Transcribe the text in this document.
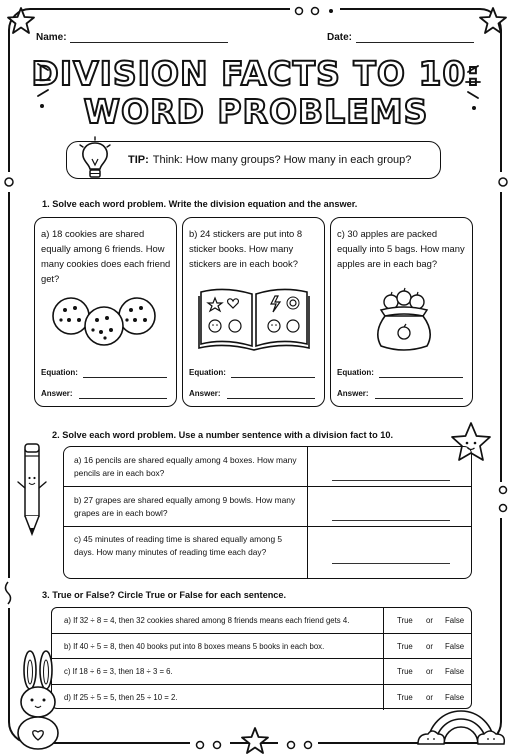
Name:	Date:
DIVISION FACTS TO 10:
WORD PROBLEMS
TIP: Think: How many groups? How many in each group?
1. Solve each word problem. Write the division equation and the answer.
a) 18 cookies are shared equally among 6 friends. How many cookies does each friend get?
Equation:
Answer:
b) 24 stickers are put into 8 sticker books. How many stickers are in each book?
Equation:
Answer:
c) 30 apples are packed equally into 5 bags. How many apples are in each bag?
Equation:
Answer:
2. Solve each word problem. Use a number sentence with a division fact to 10.
a) 16 pencils are shared equally among 4 boxes. How many pencils are in each box?
b) 27 grapes are shared equally among 9 bowls. How many grapes are in each bowl?
c) 45 minutes of reading time is shared equally among 5 days. How many minutes of reading time each day?
3. True or False? Circle True or False for each sentence.
a) If 32 ÷ 8 = 4, then 32 cookies shared among 8 friends means each friend gets 4.	True or False
b) If 40 ÷ 5 = 8, then 40 books put into 8 boxes means 5 books in each box.	True or False
c) If 18 ÷ 6 = 3, then 18 ÷ 3 = 6.	True or False
d) If 25 ÷ 5 = 5, then 25 ÷ 10 = 2.	True or False
